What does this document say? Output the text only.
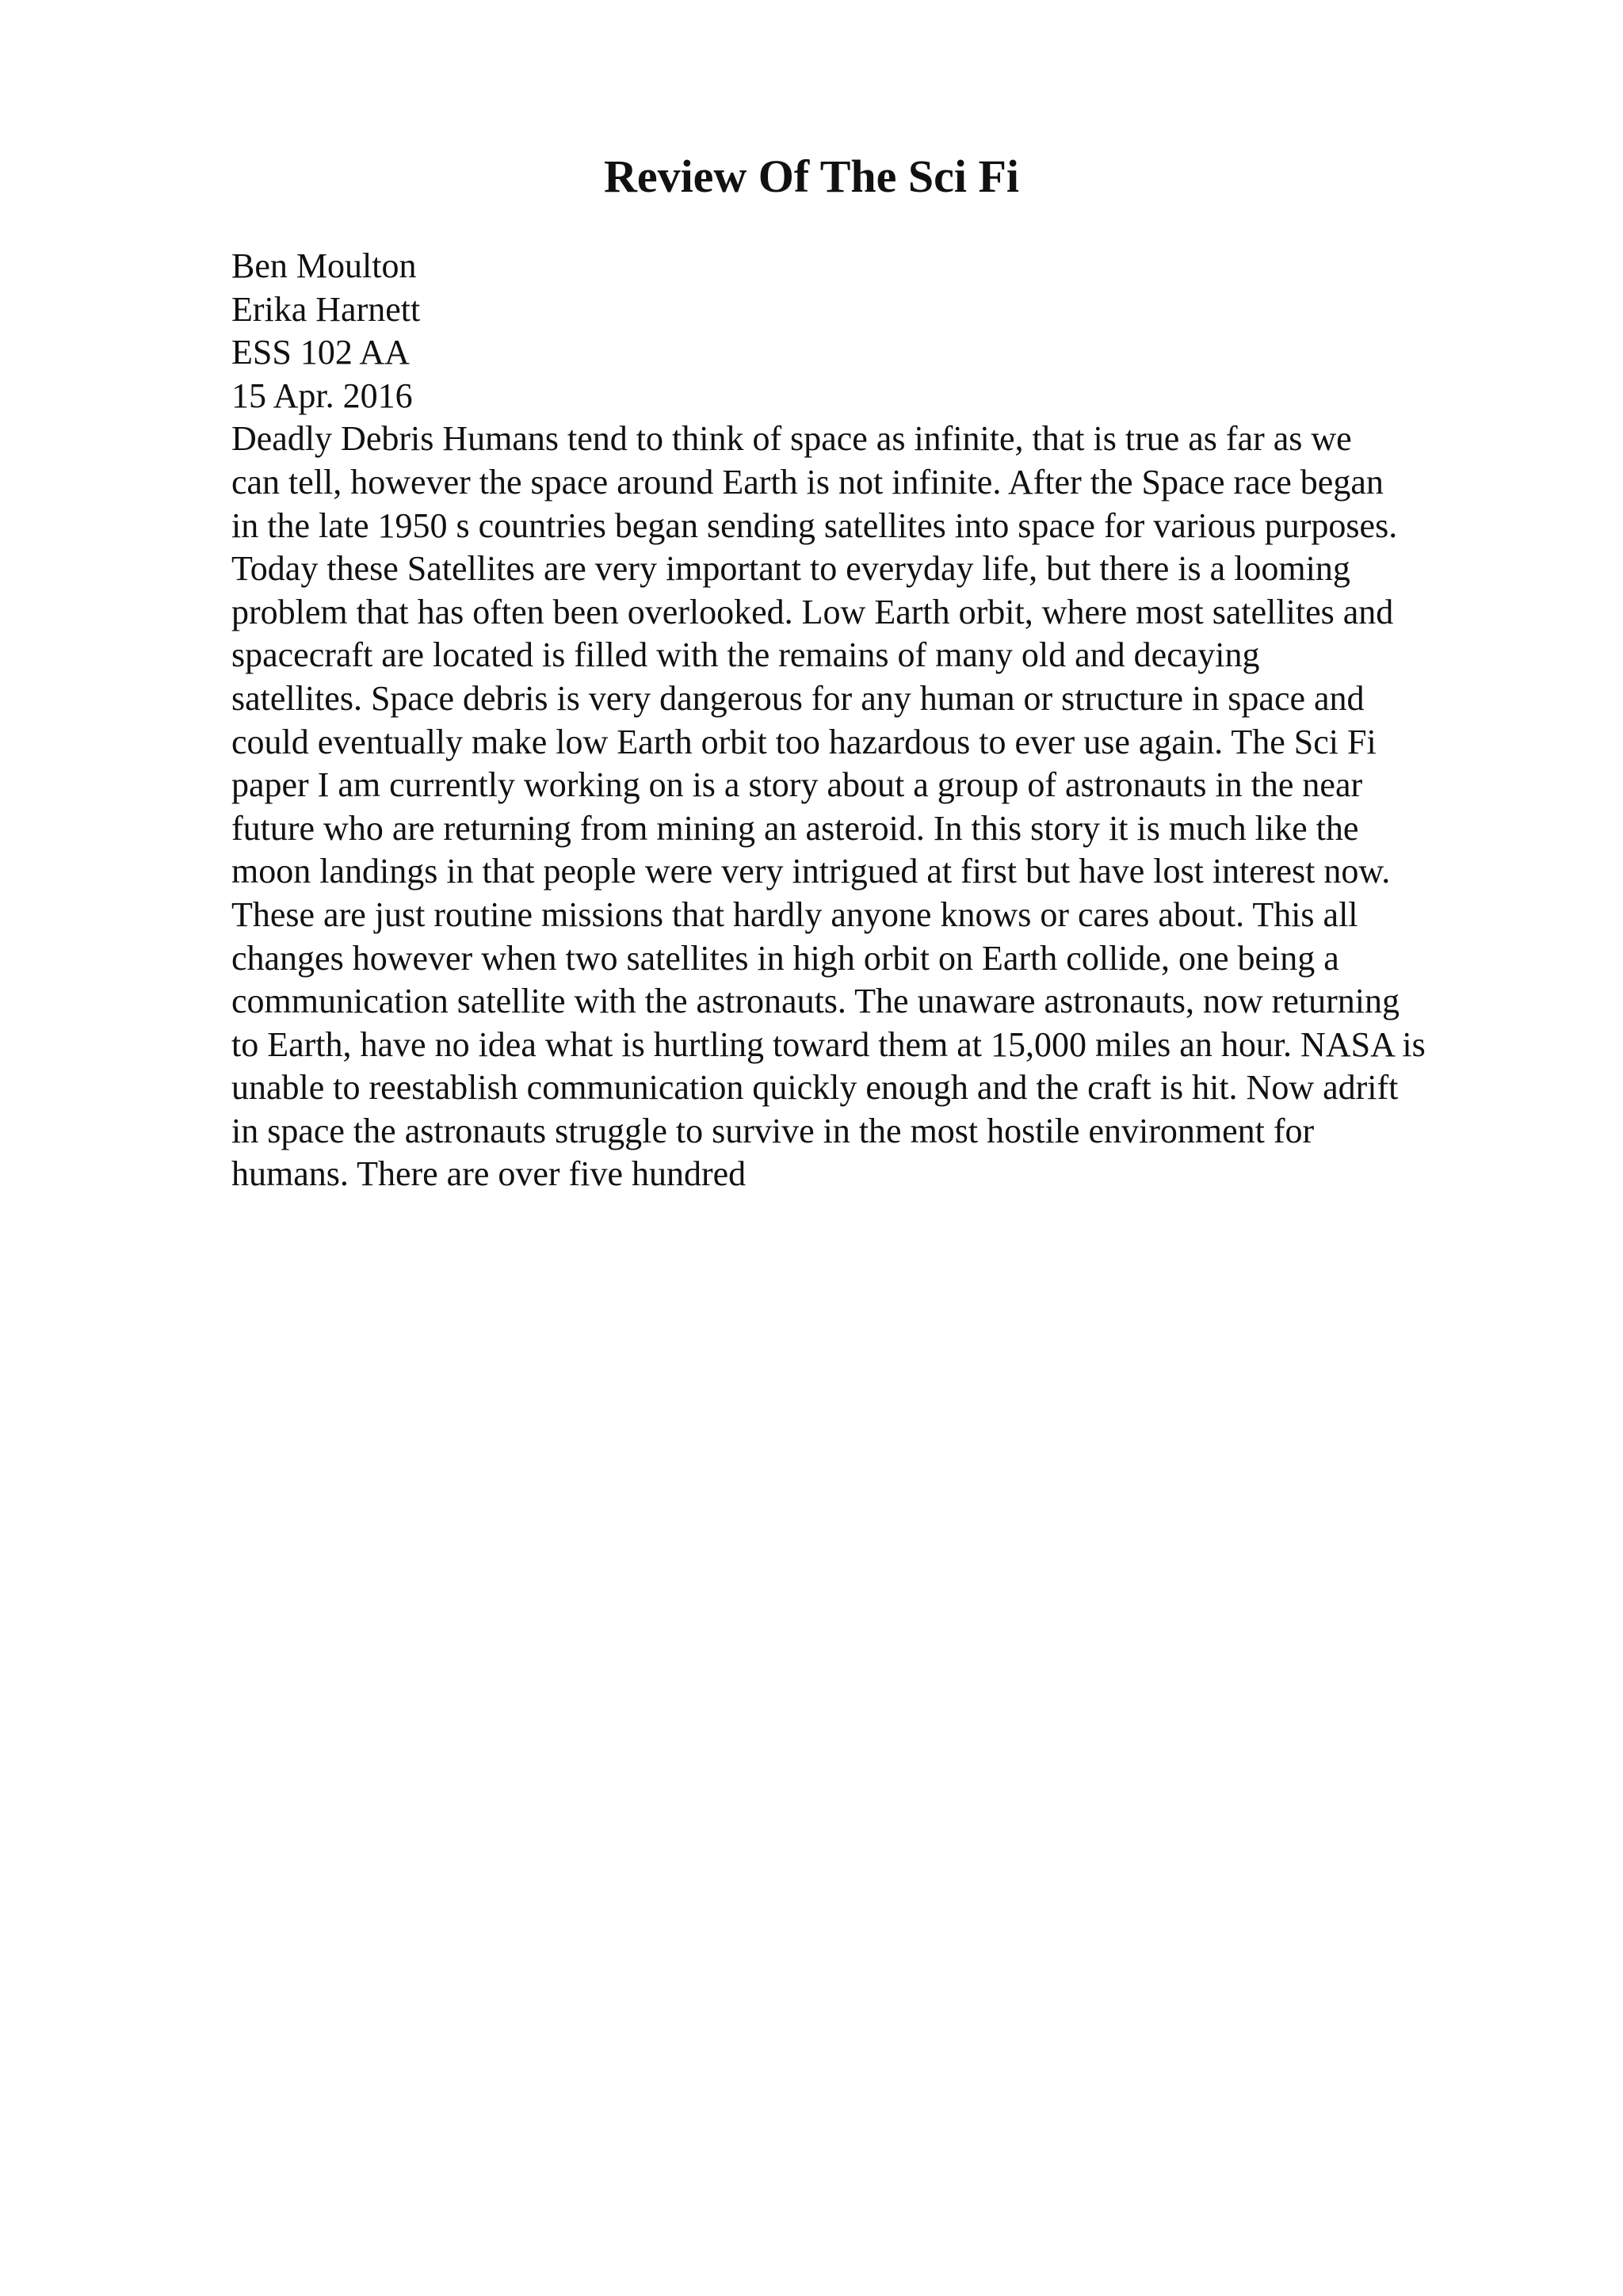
Review Of The Sci Fi
Ben Moulton
Erika Harnett
ESS 102 AA
15 Apr. 2016
Deadly Debris Humans tend to think of space as infinite, that is true as far as we
can tell, however the space around Earth is not infinite. After the Space race began
in the late 1950 s countries began sending satellites into space for various purposes.
Today these Satellites are very important to everyday life, but there is a looming
problem that has often been overlooked. Low Earth orbit, where most satellites and
spacecraft are located is filled with the remains of many old and decaying
satellites. Space debris is very dangerous for any human or structure in space and
could eventually make low Earth orbit too hazardous to ever use again. The Sci Fi
paper I am currently working on is a story about a group of astronauts in the near
future who are returning from mining an asteroid. In this story it is much like the
moon landings in that people were very intrigued at first but have lost interest now.
These are just routine missions that hardly anyone knows or cares about. This all
changes however when two satellites in high orbit on Earth collide, one being a
communication satellite with the astronauts. The unaware astronauts, now returning
to Earth, have no idea what is hurtling toward them at 15,000 miles an hour. NASA is
unable to reestablish communication quickly enough and the craft is hit. Now adrift
in space the astronauts struggle to survive in the most hostile environment for
humans. There are over five hundred
